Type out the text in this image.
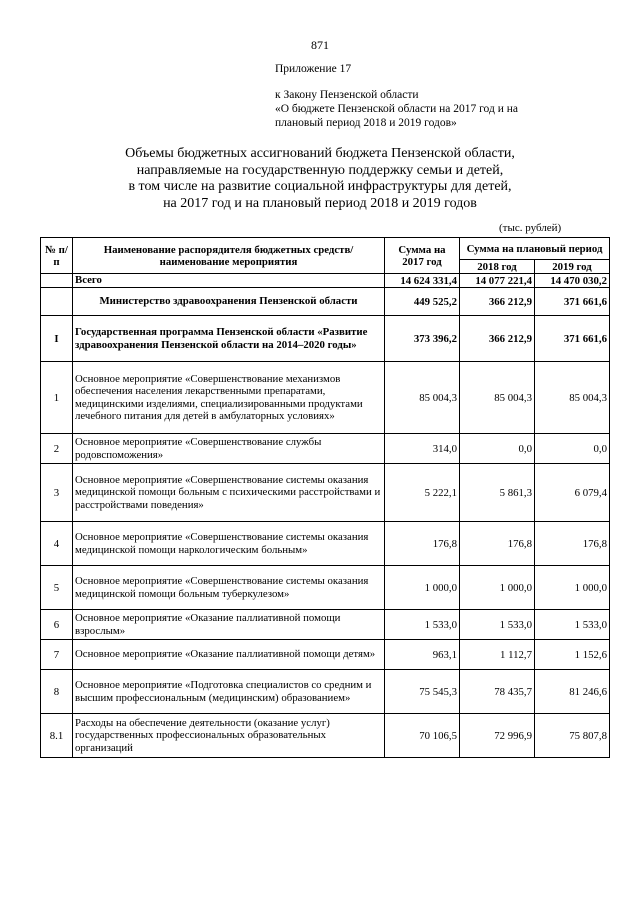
871
Приложение 17
к Закону Пензенской области
«О бюджете Пензенской области на 2017 год и на
плановый период 2018 и 2019 годов»
Объемы бюджетных ассигнований бюджета Пензенской области,
направляемые на государственную поддержку семьи и детей,
в том числе на развитие социальной инфраструктуры для детей,
на 2017 год и на плановый период 2018 и 2019 годов
(тыс. рублей)
№ п/п	Наименование распорядителя бюджетных средств/ наименование мероприятия	Сумма на 2017 год	Сумма на плановый период	
			2018 год	2019 год
	Всего	14 624 331,4	14 077 221,4	14 470 030,2
	Министерство здравоохранения Пензенской области	449 525,2	366 212,9	371 661,6
I	Государственная программа Пензенской области «Развитие здравоохранения Пензенской области на 2014–2020 годы»	373 396,2	366 212,9	371 661,6
1	Основное мероприятие «Совершенствование механизмов обеспечения населения лекарственными препаратами, медицинскими изделиями, специализированными продуктами лечебного питания для детей в амбулаторных условиях»	85 004,3	85 004,3	85 004,3
2	Основное мероприятие «Совершенствование службы родовспоможения»	314,0	0,0	0,0
3	Основное мероприятие «Совершенствование системы оказания медицинской помощи больным с психическими расстройствами и расстройствами поведения»	5 222,1	5 861,3	6 079,4
4	Основное мероприятие «Совершенствование системы оказания медицинской помощи наркологическим больным»	176,8	176,8	176,8
5	Основное мероприятие «Совершенствование системы оказания медицинской помощи больным туберкулезом»	1 000,0	1 000,0	1 000,0
6	Основное мероприятие «Оказание паллиативной помощи взрослым»	1 533,0	1 533,0	1 533,0
7	Основное мероприятие «Оказание паллиативной помощи детям»	963,1	1 112,7	1 152,6
8	Основное мероприятие «Подготовка специалистов со средним и высшим профессиональным (медицинским) образованием»	75 545,3	78 435,7	81 246,6
8.1	Расходы на обеспечение деятельности (оказание услуг) государственных профессиональных образовательных организаций	70 106,5	72 996,9	75 807,8
